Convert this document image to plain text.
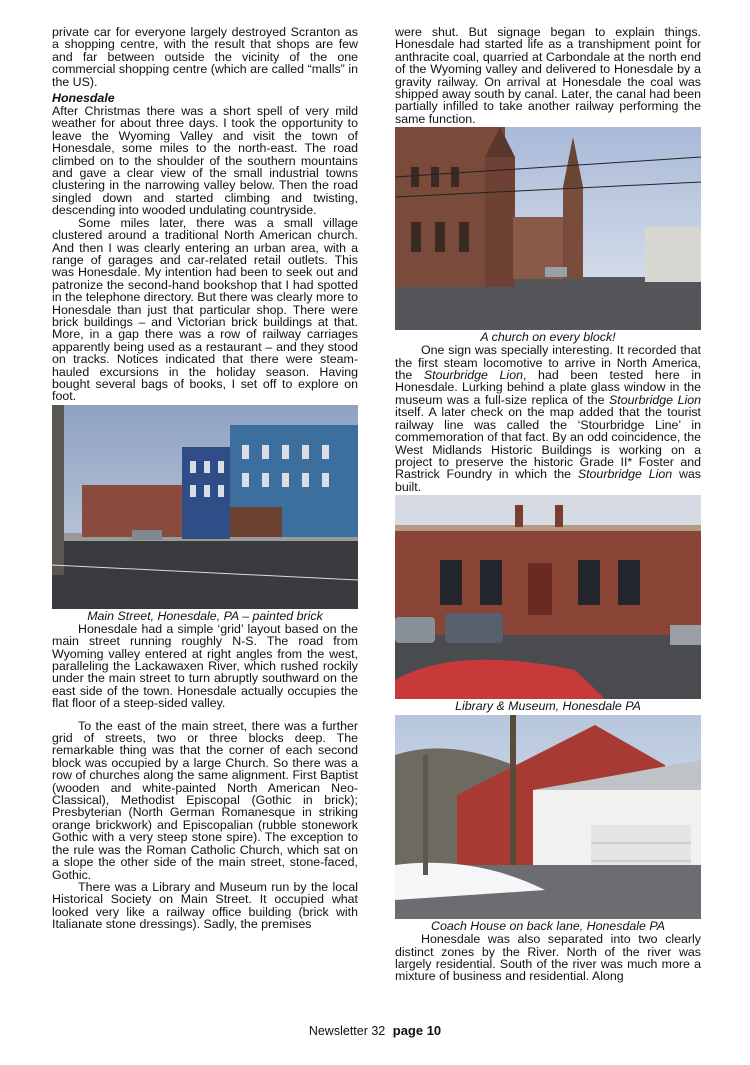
private car for everyone largely destroyed Scranton as a shopping centre, with the result that shops are few and far between outside the vicinity of the one commercial shopping centre (which are called “malls” in the US).

Honesdale

After Christmas there was a short spell of very mild weather for about three days. I took the opportunity to leave the Wyoming Valley and visit the town of Honesdale, some miles to the north-east. The road climbed on to the shoulder of the southern mountains and gave a clear view of the small industrial towns clustering in the narrowing valley below. Then the road singled down and started climbing and twisting, descending into wooded undulating countryside.

Some miles later, there was a small village clustered around a traditional North American church. And then I was clearly entering an urban area, with a range of garages and car-related retail outlets. This was Honesdale. My intention had been to seek out and patronize the second-hand bookshop that I had spotted in the telephone directory. But there was clearly more to Honesdale than just that particular shop. There were brick buildings – and Victorian brick buildings at that. More, in a gap there was a row of railway carriages apparently being used as a restaurant – and they stood on tracks. Notices indicated that there were steam-hauled excursions in the holiday season. Having bought several bags of books, I set off to explore on foot.

Main Street, Honesdale, PA – painted brick

Honesdale had a simple ‘grid’ layout based on the main street running roughly N-S. The road from Wyoming valley entered at right angles from the west, paralleling the Lackawaxen River, which rushed rockily under the main street to turn abruptly southward on the east side of the town. Honesdale actually occupies the flat floor of a steep-sided valley.

To the east of the main street, there was a further grid of streets, two or three blocks deep. The remarkable thing was that the corner of each second block was occupied by a large Church. So there was a row of churches along the same alignment. First Baptist (wooden and white-painted North American Neo-Classical), Methodist Episcopal (Gothic in brick); Presbyterian (North German Romanesque in striking orange brickwork) and Episcopalian (rubble stonework Gothic with a very steep stone spire). The exception to the rule was the Roman Catholic Church, which sat on a slope the other side of the main street, stone-faced, Gothic.

There was a Library and Museum run by the local Historical Society on Main Street. It occupied what looked very like a railway office building (brick with Italianate stone dressings). Sadly, the premises

were shut. But signage began to explain things. Honesdale had started life as a transhipment point for anthracite coal, quarried at Carbondale at the north end of the Wyoming valley and delivered to Honesdale by a gravity railway. On arrival at Honesdale the coal was shipped away south by canal. Later, the canal had been partially infilled to take another railway performing the same function.

A church on every block!

One sign was specially interesting. It recorded that the first steam locomotive to arrive in North America, the Stourbridge Lion, had been tested here in Honesdale. Lurking behind a plate glass window in the museum was a full-size replica of the Stourbridge Lion itself. A later check on the map added that the tourist railway line was called the ‘Stourbridge Line’ in commemoration of that fact. By an odd coincidence, the West Midlands Historic Buildings is working on a project to preserve the historic Grade II* Foster and Rastrick Foundry in which the Stourbridge Lion was built.

Library & Museum, Honesdale PA

Coach House on back lane, Honesdale PA

Honesdale was also separated into two clearly distinct zones by the River. North of the river was largely residential. South of the river was much more a mixture of business and residential. Along

Newsletter 32 page 10
